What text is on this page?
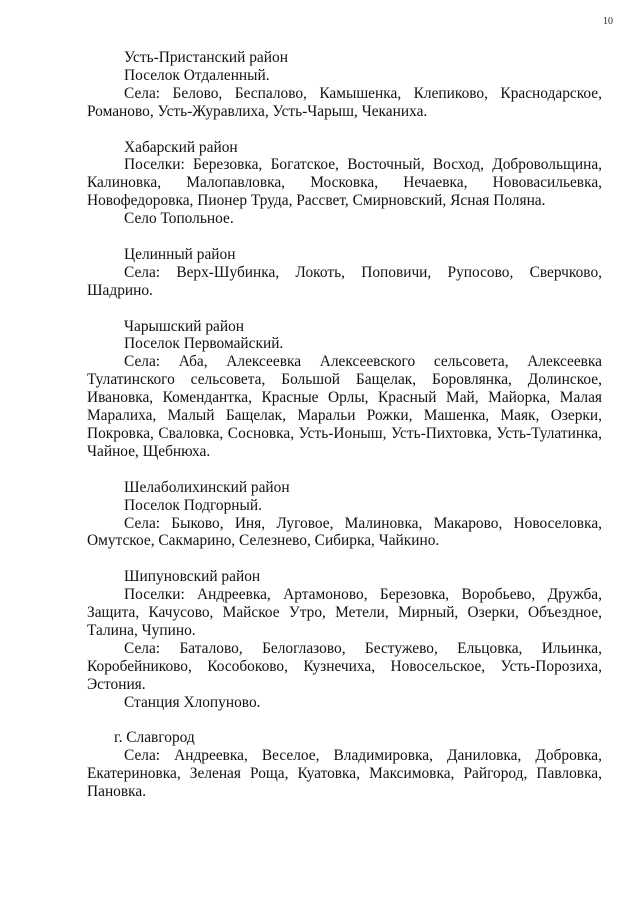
10

Усть-Пристанский район

Поселок Отдаленный.

Села: Белово, Беспалово, Камышенка, Клепиково, Краснодарское, Романово, Усть-Журавлиха, Усть-Чарыш, Чеканиха.

Хабарский район

Поселки: Березовка, Богатское, Восточный, Восход, Добровольщина, Калиновка, Малопавловка, Московка, Нечаевка, Нововасильевка, Новофедоровка, Пионер Труда, Рассвет, Смирновский, Ясная Поляна.

Село Топольное.

Целинный район

Села: Верх-Шубинка, Локоть, Поповичи, Рупосово, Сверчково, Шадрино.

Чарышский район

Поселок Первомайский.

Села: Аба, Алексеевка Алексеевского сельсовета, Алексеевка Тулатинского сельсовета, Большой Бащелак, Боровлянка, Долинское, Ивановка, Комендантка, Красные Орлы, Красный Май, Майорка, Малая Маралиха, Малый Бащелак, Маральи Рожки, Машенка, Маяк, Озерки, Покровка, Сваловка, Сосновка, Усть-Ионыш, Усть-Пихтовка, Усть-Тулатинка, Чайное, Щебнюха.

Шелаболихинский район

Поселок Подгорный.

Села: Быково, Иня, Луговое, Малиновка, Макарово, Новоселовка, Омутское, Сакмарино, Селезнево, Сибирка, Чайкино.

Шипуновский район

Поселки: Андреевка, Артамоново, Березовка, Воробьево, Дружба, Защита, Качусово, Майское Утро, Метели, Мирный, Озерки, Объездное, Талина, Чупино.

Села: Баталово, Белоглазово, Бестужево, Ельцовка, Ильинка, Коробейниково, Кособоково, Кузнечиха, Новосельское, Усть-Порозиха, Эстония.

Станция Хлопуново.

г. Славгород

Села: Андреевка, Веселое, Владимировка, Даниловка, Добровка, Екатериновка, Зеленая Роща, Куатовка, Максимовка, Райгород, Павловка, Пановка.
